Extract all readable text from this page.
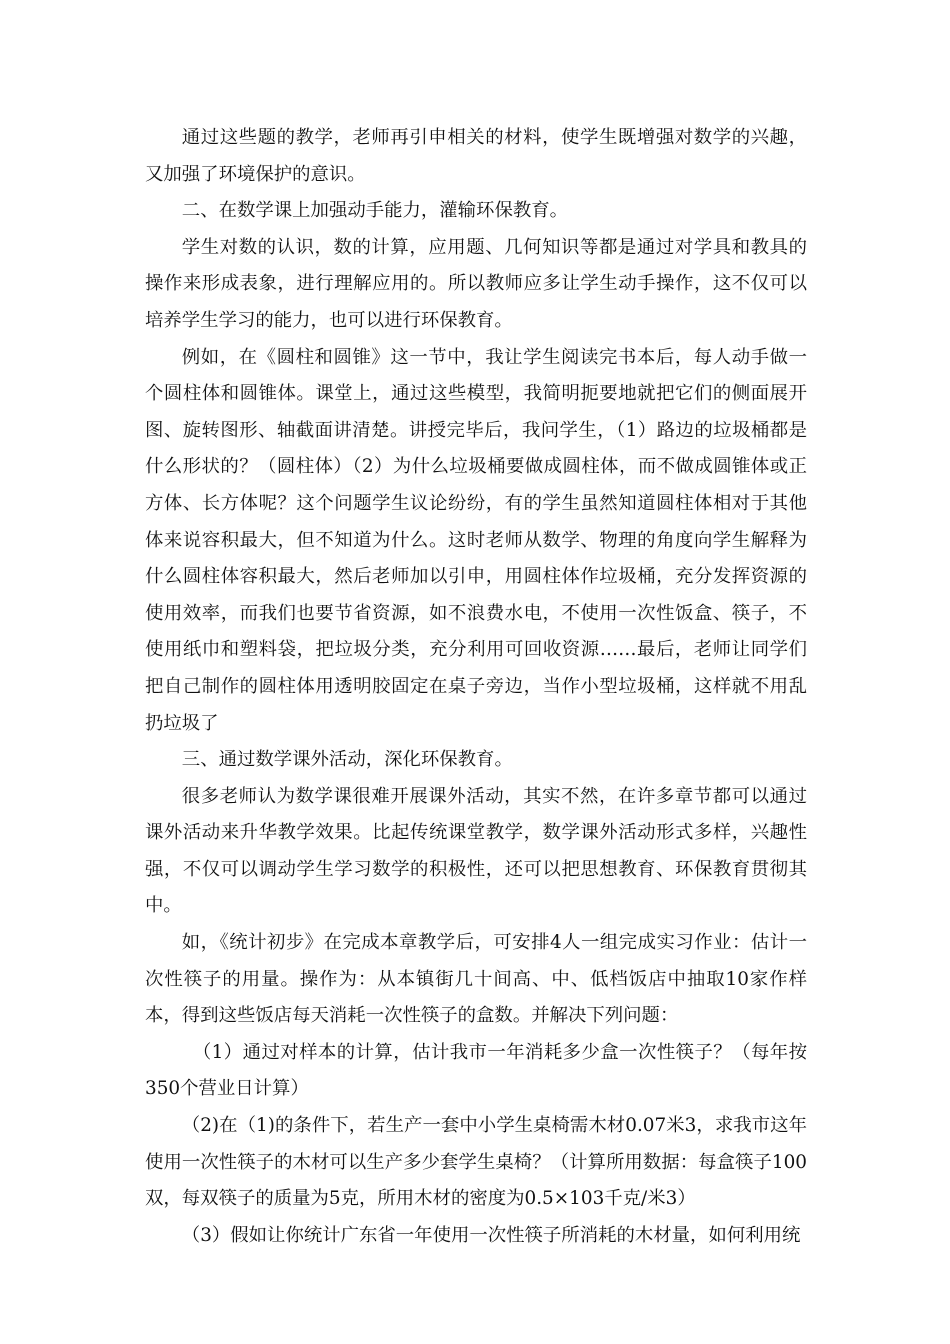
通过这些题的教学，老师再引申相关的材料，使学生既增强对数学的兴趣，又加强了环境保护的意识。

二、在数学课上加强动手能力，灌输环保教育。

学生对数的认识，数的计算，应用题、几何知识等都是通过对学具和教具的操作来形成表象，进行理解应用的。所以教师应多让学生动手操作，这不仅可以培养学生学习的能力，也可以进行环保教育。

例如，在《圆柱和圆锥》这一节中，我让学生阅读完书本后，每人动手做一个圆柱体和圆锥体。课堂上，通过这些模型，我简明扼要地就把它们的侧面展开图、旋转图形、轴截面讲清楚。讲授完毕后，我问学生，（1）路边的垃圾桶都是什么形状的？（圆柱体）（2）为什么垃圾桶要做成圆柱体，而不做成圆锥体或正方体、长方体呢？这个问题学生议论纷纷，有的学生虽然知道圆柱体相对于其他体来说容积最大，但不知道为什么。这时老师从数学、物理的角度向学生解释为什么圆柱体容积最大，然后老师加以引申，用圆柱体作垃圾桶，充分发挥资源的使用效率，而我们也要节省资源，如不浪费水电，不使用一次性饭盒、筷子，不使用纸巾和塑料袋，把垃圾分类，充分利用可回收资源……最后，老师让同学们把自己制作的圆柱体用透明胶固定在桌子旁边，当作小型垃圾桶，这样就不用乱扔垃圾了

三、通过数学课外活动，深化环保教育。

很多老师认为数学课很难开展课外活动，其实不然，在许多章节都可以通过课外活动来升华教学效果。比起传统课堂教学，数学课外活动形式多样，兴趣性强，不仅可以调动学生学习数学的积极性，还可以把思想教育、环保教育贯彻其中。

如，《统计初步》在完成本章教学后，可安排4人一组完成实习作业：估计一次性筷子的用量。操作为：从本镇街几十间高、中、低档饭店中抽取10家作样本，得到这些饭店每天消耗一次性筷子的盒数。并解决下列问题：

（1）通过对样本的计算，估计我市一年消耗多少盒一次性筷子？（每年按350个营业日计算）

（2)在（1)的条件下，若生产一套中小学生桌椅需木材0.07米3，求我市这年使用一次性筷子的木材可以生产多少套学生桌椅？（计算所用数据：每盒筷子100双，每双筷子的质量为5克，所用木材的密度为0.5×103千克/米3）

（3）假如让你统计广东省一年使用一次性筷子所消耗的木材量，如何利用统
